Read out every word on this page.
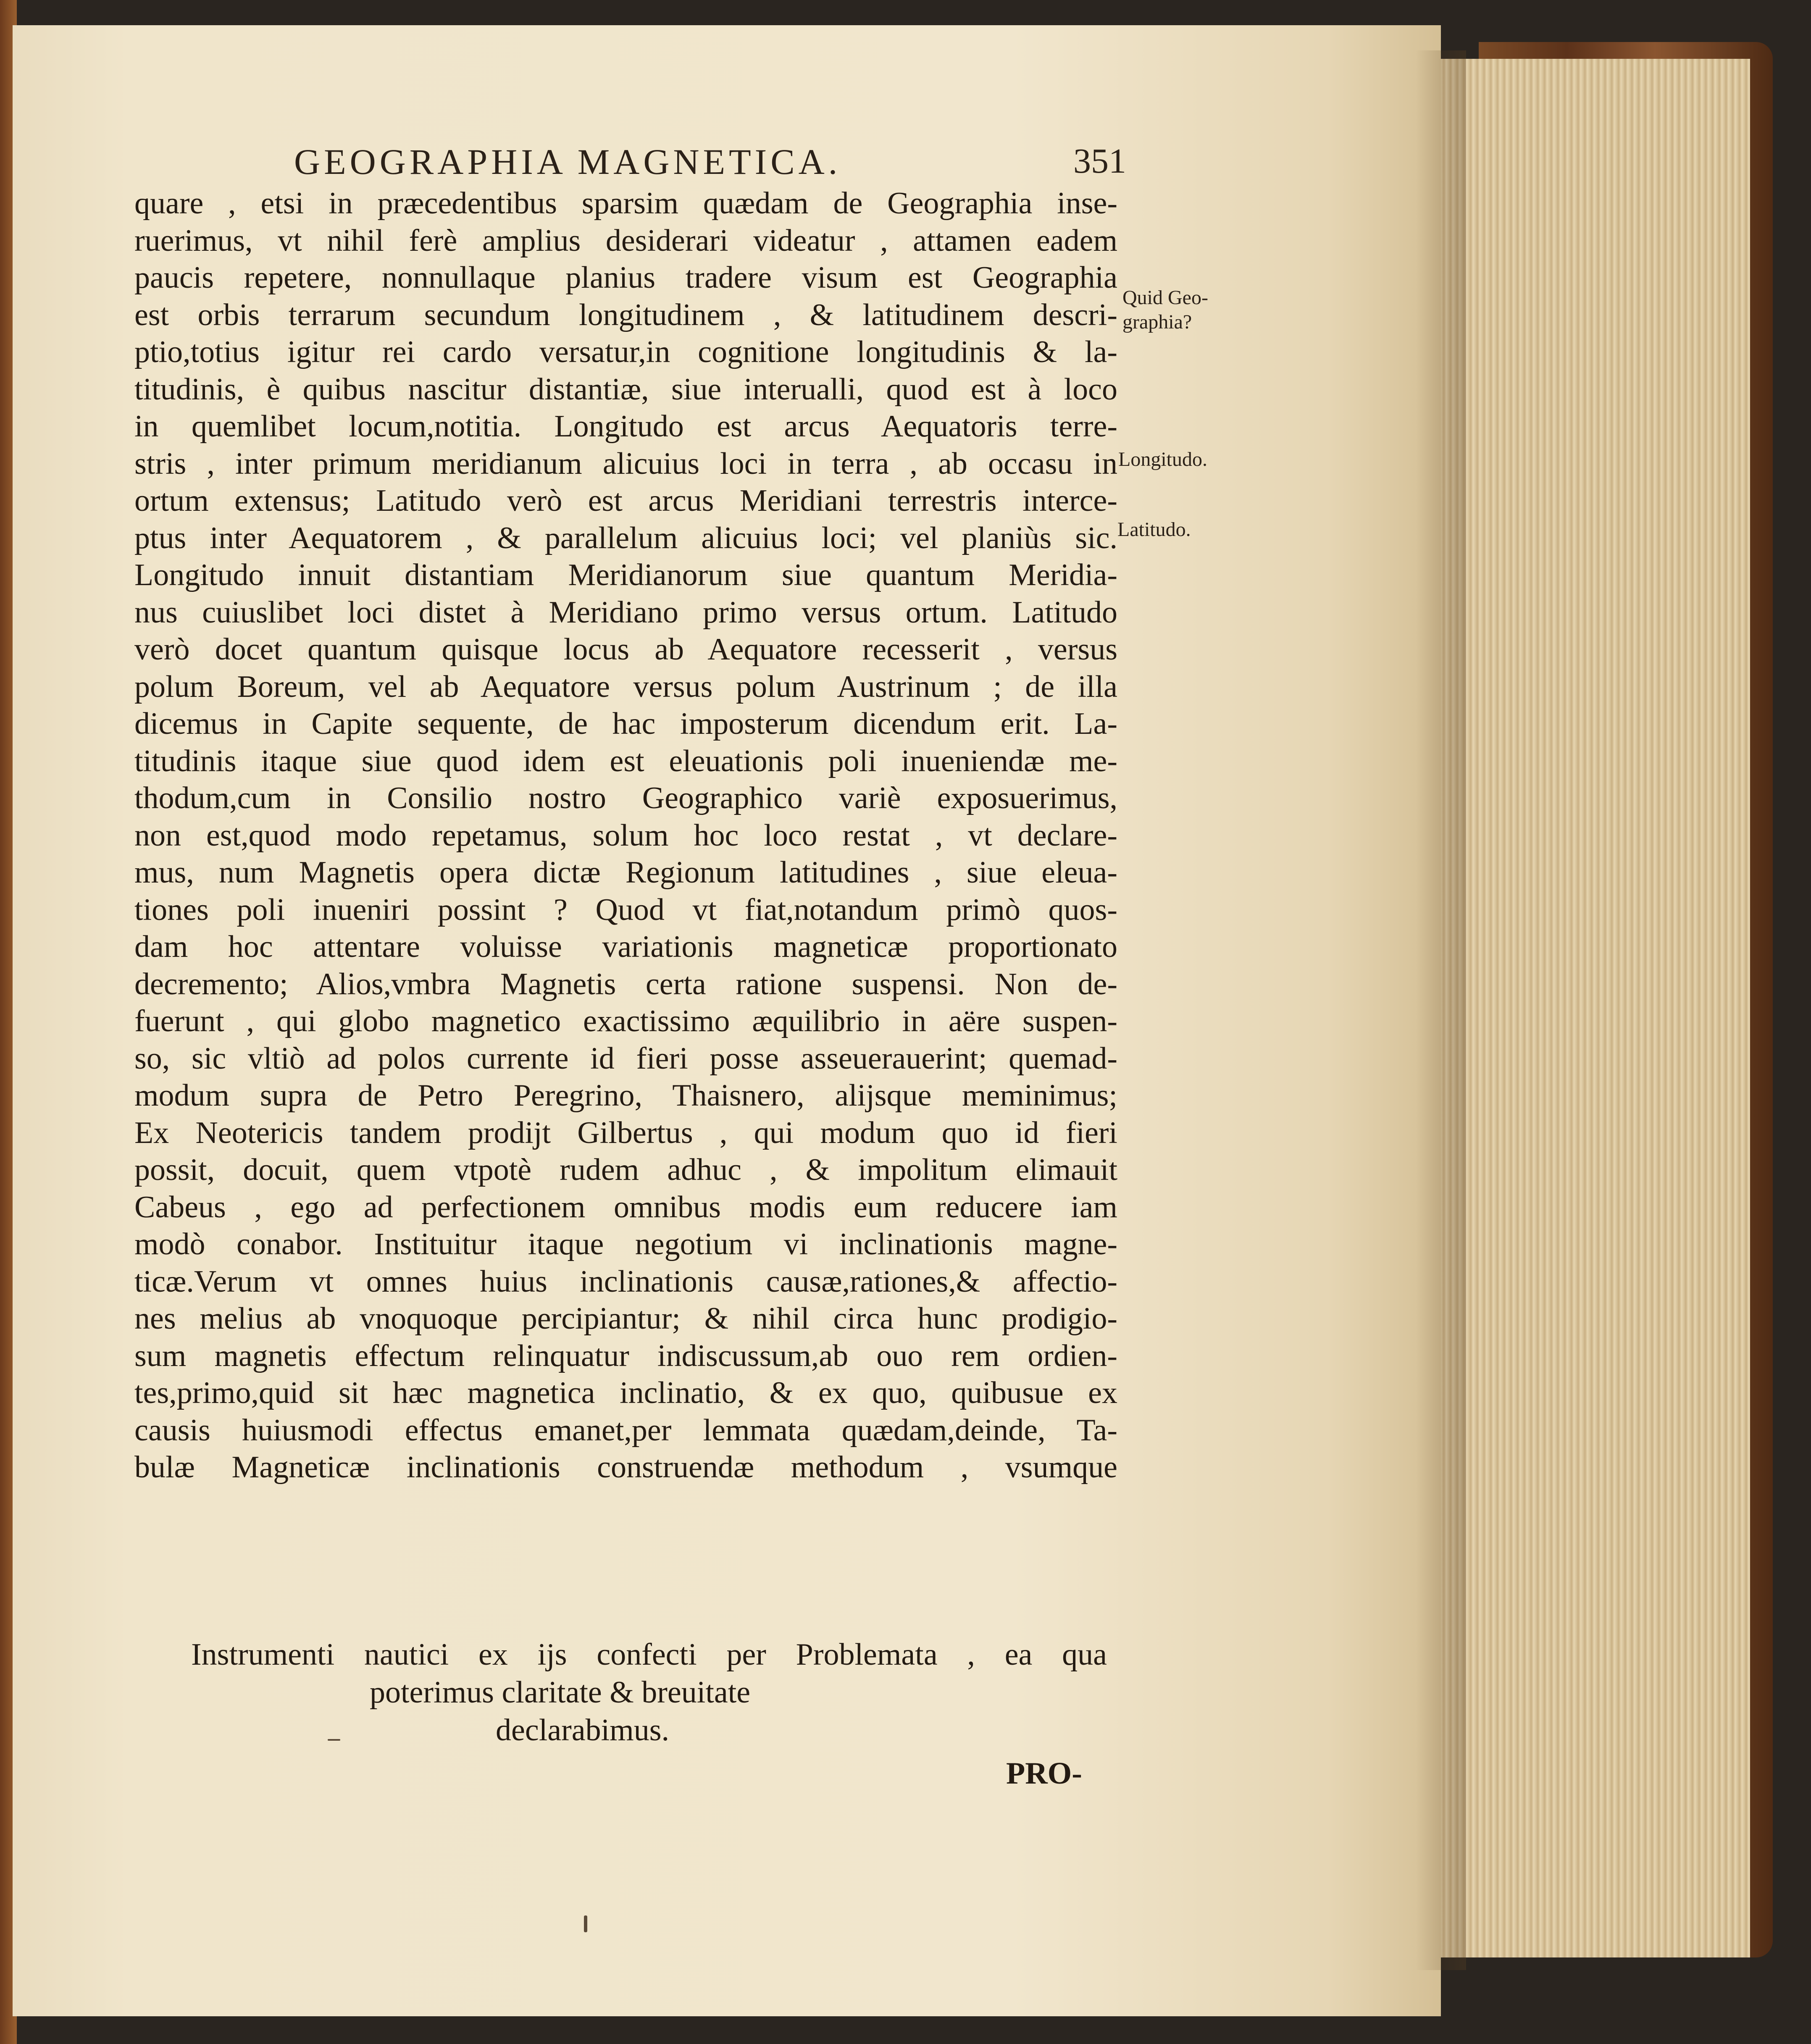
GEOGRAPHIA MAGNETICA.	351
quare , etsi in præcedentibus sparsim quædam de Geographia inse-
ruerimus, vt nihil ferè amplius desiderari videatur , attamen eadem
paucis repetere, nonnullaque planius tradere visum est Geographia
est orbis terrarum secundum longitudinem , & latitudinem descri-
ptio,totius igitur rei cardo versatur,in cognitione longitudinis & la-
titudinis, è quibus nascitur distantiæ, siue interualli, quod est à loco
in quemlibet locum,notitia. Longitudo est arcus Aequatoris terre-
stris , inter primum meridianum alicuius loci in terra , ab occasu in
ortum extensus; Latitudo verò est arcus Meridiani terrestris interce-
ptus inter Aequatorem , & parallelum alicuius loci; vel planiùs sic.
Longitudo innuit distantiam Meridianorum siue quantum Meridia-
nus cuiuslibet loci distet à Meridiano primo versus ortum. Latitudo
verò docet quantum quisque locus ab Aequatore recesserit , versus
polum Boreum, vel ab Aequatore versus polum Austrinum ; de illa
dicemus in Capite sequente, de hac imposterum dicendum erit. La-
titudinis itaque siue quod idem est eleuationis poli inueniendæ me-
thodum,cum in Consilio nostro Geographico variè exposuerimus,
non est,quod modo repetamus, solum hoc loco restat , vt declare-
mus, num Magnetis opera dictæ Regionum latitudines , siue eleua-
tiones poli inueniri possint ? Quod vt fiat,notandum primò quos-
dam hoc attentare voluisse variationis magneticæ proportionato
decremento; Alios,vmbra Magnetis certa ratione suspensi. Non de-
fuerunt , qui globo magnetico exactissimo æquilibrio in aëre suspen-
so, sic vltiò ad polos currente id fieri posse asseuerauerint; quemad-
modum supra de Petro Peregrino, Thaisnero, alijsque meminimus;
Ex Neotericis tandem prodijt Gilbertus , qui modum quo id fieri
possit, docuit, quem vtpotè rudem adhuc , & impolitum elimauit
Cabeus , ego ad perfectionem omnibus modis eum reducere iam
modò conabor. Instituitur itaque negotium vi inclinationis magne-
ticæ.Verum vt omnes huius inclinationis causæ,rationes,& affectio-
nes melius ab vnoquoque percipiantur; & nihil circa hunc prodigio-
sum magnetis effectum relinquatur indiscussum,ab ouo rem ordien-
tes,primo,quid sit hæc magnetica inclinatio, & ex quo, quibusue ex
causis huiusmodi effectus emanet,per lemmata quædam,deinde, Ta-
bulæ Magneticæ inclinationis construendæ methodum , vsumque
Instrumenti nautici ex ijs confecti per Problemata , ea qua
poterimus claritate & breuitate
declarabimus.
PRO-
Quid Geo-
graphia?
Longitudo.
Latitudo.
